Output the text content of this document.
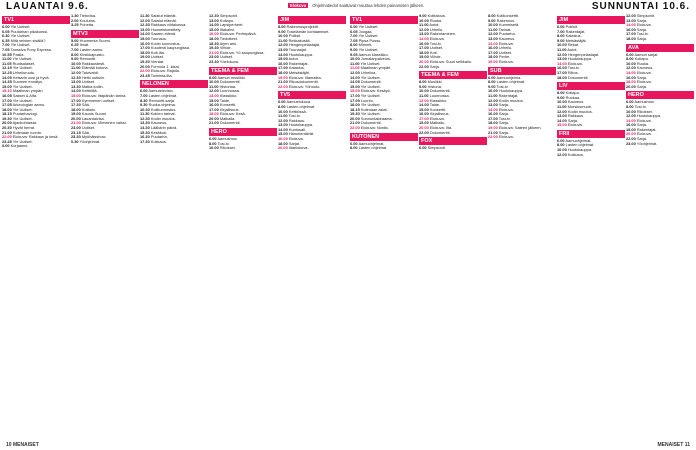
LAUANTAI 9.6.	Elokuva Ohjelmatiedot saattavat muuttua lehden painamisen jälkeen.	SUNNUNTAI 10.6.
TV1
6.00 Yle Uutiset.
6.05 Puutarhan pikakurssi.
6.30 Yle Uutiset.
6.35 Mitä seinien sisällä?
7.00 Yle Uutiset.
7.05 Tanssiva Pony Express.
10.55 Pasila.
11.00 Yle Uutiset.
11.05 Ruotsalaiset.
12.15 Yle Uutiset.
12.25 Urheiluruutu.
14.05 Keisarin uusi ja hyvä.
14.35 Suomen ennätys.
15.00 Yle Uutiset.
15.10 Maailman ympäri.
16.05 Sakset & Alfa.
17.00 Yle Uutiset.
17.05 Arkeologian aamu.
18.00 Yle Uutiset.
18.15 Puutarhavlogi.
19.30 Yle Uutiset.
20.00 Ajankohtaista.
20.30 Hyvät herrat.
21.00 Kotimaan luonto.
22.00 Elokuva: Rakkaus ja kesä.
23.45 Yle Uutiset.
0.00 Korjaamo.
1.30 Tietovisa.
2.00 Koulutus.
3.25 Puhetta.
MTV3
5.00 Huomenta Suomi.
6.25 Ilmat.
7.00 Lasten aamu.
8.00 Kirsikkapuisto.
9.00 Remontti.
10.00 Rakkaustesti.
11.00 Elämää kotona.
12.00 Talvivahti.
12.30 Hetki uutisiin.
13.00 Uutiset.
13.30 Matka kotiin.
14.00 Keittiöllä.
15.00 Elokuva: Iltapäivän tarina.
17.00 Kymmenen uutiset.
17.30 Sää.
18.00 Kotitalo.
19.00 Kaunis Suomi.
20.00 Lauantaivisa.
21.00 Elokuva: Viimeinen valssi.
23.00 Uutiset.
23.15 Sää.
23.30 Myöhäisshow.
0.30 Yöohjelmat.
11.30 Salatut elämät.
12.00 Salatut elämät.
12.30 Rakkaus viidakossa.
13.00 Huoneistoesittely.
14.00 Saaren elämä.
15.00 Tuunaus.
16.00 Kodin kunnostus.
17.00 Kuudesti kaupungissa.
18.00 Koti-ilta.
19.00 Uutiset.
19.30 Vieraat.
20.00 Formula 1 -kisat.
22.00 Elokuva: Rajalla.
23.45 Toiminta-ilta.
NELONEN
6.00 Aamutelevisio.
7.00 Lasten ohjelmat.
8.30 Remontti-sarja.
9.30 Ruoka-ohjelma.
10.30 Kotikunnostus.
11.30 Koirien tarinat.
12.30 Kodin muutos.
13.30 Kauneus.
14.30 Lääkärin päivä.
15.30 Kesäkoti.
16.30 Puutarha.
17.30 Kokkaus.
12.30 Simpsonit.
13.00 Kotiapu.
14.00 Lapsiperheet.
15.00 Iltakahvi.
16.00 Elokuva: Perhepäivä.
18.00 Tiedotteet.
18.30 Arjen arki.
19.30 Viihde.
21.00 Elokuva: Yö kaupungissa.
23.00 Uutiset.
23.30 Yöelokuva.
TEEMA & FEM
8.00 Aamun musiikki.
10.00 Dokumentti.
11.00 Historiaa.
12.00 Luonnossa.
13.00 Klassikko.
15.00 Taide.
16.00 Konsertti.
17.00 Kirjallisuus.
18.00 Elokuva: Kesä.
20.00 Matkalla.
21.00 Dokumentti.
HERO
6.00 Aamushow.
8.00 Tosi-tv.
10.00 Rikokset.
JIM
8.00 Rakennusprojektit.
9.00 Tosielämän kohtaamiset.
10.00 Poliisit.
11.00 Rekkakuskit.
12.00 Hengenpelastajat.
13.00 Tuunaajat.
14.00 Huutokauppa.
15.00 Autot.
16.00 Rakentajat.
17.00 Kalastus.
18.00 Metsästäjät.
19.00 Elokuva: Iltamatka.
21.00 Rikosdokumentti.
22.00 Elokuva: Yöhuuto.
TV5
6.00 Aamuelokuva.
8.00 Lasten ohjelmat.
10.00 Keittiössä.
11.00 Tosi-tv.
12.00 Rakkaus.
13.00 Huutokauppa.
14.00 Kuntosali.
15.00 Hämmentävät.
16.00 Elokuva.
18.00 Sarjat.
20.00 Iltaelokuva.
TV1
6.00 Yle Uutiset.
6.05 Joogaa.
7.00 Yle Uutiset.
7.05 Pipsa Possu.
8.00 Mimmit.
9.00 Yle Uutiset.
9.05 Aamun klassikko.
10.00 Jumalanpalvelus.
11.00 Yle Uutiset.
11.05 Maailman ympäri.
12.00 Urheilua.
14.00 Yle Uutiset.
14.05 Dokumentti.
15.00 Yle Uutiset.
15.05 Elokuva: Kesäyö.
17.00 Yle Uutiset.
17.05 Luonto.
18.00 Yle Uutiset.
18.15 Kotimaan asiat.
19.30 Yle Uutiset.
20.00 Sunnuntaidraama.
21.00 Dokumentti.
22.00 Elokuva: Nordic.
KUTONEN
6.00 Aamuohjelmat.
8.00 Lasten ohjelmat.
9.00 Kotitalous.
10.00 Ruoka.
11.00 Autot.
12.00 Urheilu.
13.00 Rakentaminen.
14.00 Elokuva.
16.00 Tosi-tv.
17.00 Uutiset.
18.00 Koti.
19.00 Viihde.
20.00 Elokuva: Suuri seikkailu.
22.00 Sarja.
TEEMA & FEM
8.00 Musiikki.
9.00 Historia.
10.00 Dokumentti.
11.00 Luonnossa.
12.00 Klassikko.
14.00 Taide.
15.00 Konsertti.
16.00 Kirjallisuus.
17.00 Elokuva.
19.00 Matkailu.
20.00 Elokuva: Ilta.
22.00 Dokumentti.
FOX
6.00 Simpsonit.
8.00 Kotikonsertti.
9.00 Rakennus.
10.00 Kummisetä.
11.00 Tarinat.
12.00 Puutarha.
13.00 Kauneus.
14.00 Elokuva.
16.00 Urheilu.
17.00 Uutiset.
18.00 Perhe.
19.00 Elokuva.
SUB
6.00 Aamuohjelma.
8.00 Lasten ohjelmat.
9.00 Tosi-tv.
10.00 Huutokauppa.
11.00 Rakentajat.
12.00 Kodin muutos.
13.00 Sarja.
14.00 Elokuva.
16.00 Sarja.
17.00 Tosi-tv.
18.00 Sarja.
19.00 Elokuva: Sateen jälkeen.
21.00 Sarja.
22.00 Elokuva.
JIM
6.00 Poliisit.
7.00 Rakentajat.
8.00 Kalastus.
9.00 Metsästäjät.
10.00 Rekat.
11.00 Autot.
12.00 Hengenpelastajat.
13.00 Huutokauppa.
14.00 Elokuva.
16.00 Tosi-tv.
17.00 Rikos.
18.00 Dokumentti.
LIV
8.00 Kotiapu.
9.00 Ruokaa.
10.00 Kauneus.
11.00 Morsiusmuoti.
12.00 Kodin muutos.
13.00 Rakkaus.
14.00 Sarja.
15.00 Elokuva.
FRII
6.00 Aamuohjelmat.
8.00 Lasten ohjelmat.
10.00 Huutokauppa.
12.00 Kokkaus.
12.00 Simpsonit.
13.00 Sarja.
14.00 Elokuva.
16.00 Sarja.
17.00 Tosi-tv.
18.00 Sarja.
AVA
6.00 Aamun sarjat.
8.00 Kotiapu.
10.00 Ruoka.
12.00 Kauneus.
14.00 Elokuva.
16.00 Sarja.
18.00 Elokuva.
20.00 Sarja.
HERO
6.00 Aamushow.
8.00 Tosi-tv.
10.00 Rikokset.
12.00 Huutokauppa.
14.00 Elokuva.
16.00 Sarja.
18.00 Rakentajat.
20.00 Elokuva.
22.00 Sarja.
23.00 Yöohjelmat.
10 MENAISET	MENAISET 11
